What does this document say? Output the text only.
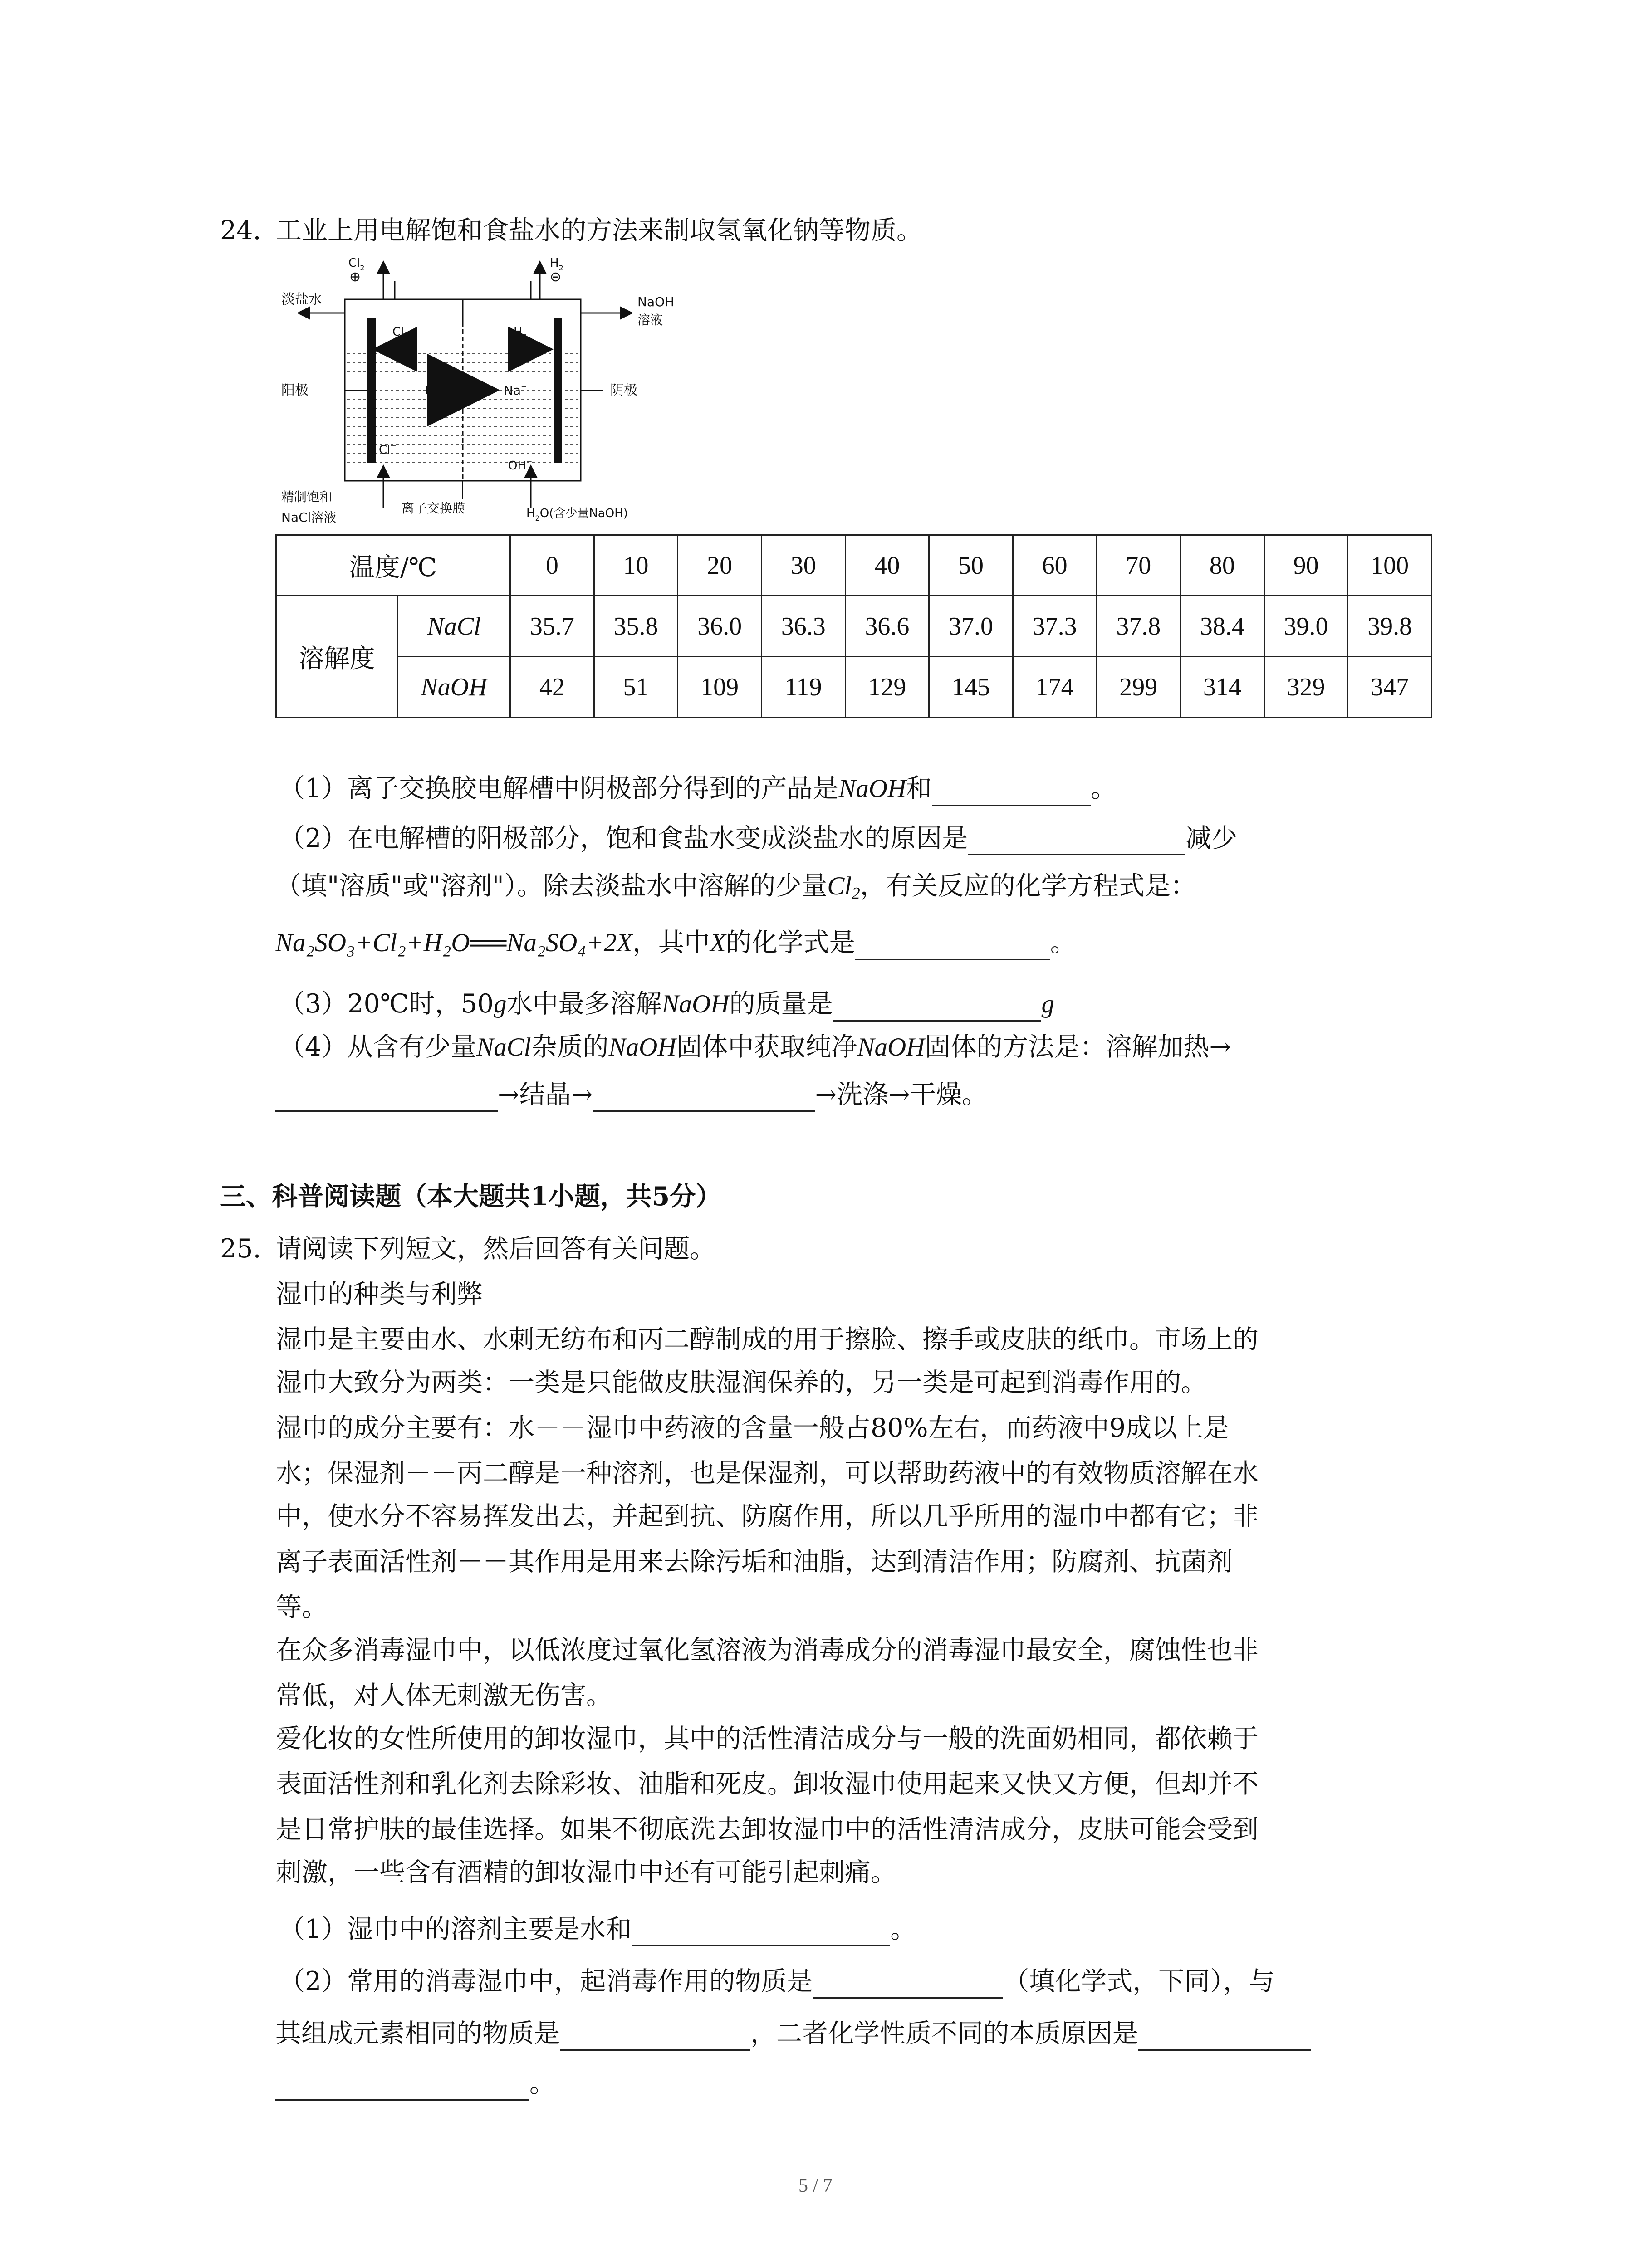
24. 工业上用电解饱和食盐水的方法来制取氢氧化钠等物质。
$Cl_2$
⊕
$H_2$
⊖
淡盐水	NaOH
溶液
阳极	阴极
$Cl_2$	$H_2$
Na+
Cl−
OH−
精制饱和
NaCl溶液
离子交换膜	$H_2O$(含少量NaOH)
温度/℃		0	10	20	30	40	50	60	70	80	90	100
溶解度	NaCl	35.7	35.8	36.0	36.3	36.6	37.0	37.3	37.8	38.4	39.0	39.8
	NaOH	42	51	109	119	129	145	174	299	314	329	347
（1）离子交换胶电解槽中阴极部分得到的产品是NaOH和	。
（2）在电解槽的阳极部分，饱和食盐水变成淡盐水的原因是	减少
（填"溶质"或"溶剂"）。除去淡盐水中溶解的少量$Cl_2$，有关反应的化学方程式是：
Na₂SO₃+Cl₂+H₂O══Na₂SO₄+2X，其中X的化学式是	。
（3）20℃时，50g水中最多溶解NaOH的质量是	g
（4）从含有少量NaCl杂质的NaOH固体中获取纯净NaOH固体的方法是：溶解加热→
→结晶→	→洗涤→干燥。
三、科普阅读题（本大题共1小题，共5分）
25. 请阅读下列短文，然后回答有关问题。
湿巾的种类与利弊
湿巾是主要由水、水刺无纺布和丙二醇制成的用于擦脸、擦手或皮肤的纸巾。市场上的
湿巾大致分为两类：一类是只能做皮肤湿润保养的，另一类是可起到消毒作用的。
湿巾的成分主要有：水－－湿巾中药液的含量一般占80%左右，而药液中9成以上是
水；保湿剂－－丙二醇是一种溶剂，也是保湿剂，可以帮助药液中的有效物质溶解在水
中，使水分不容易挥发出去，并起到抗、防腐作用，所以几乎所用的湿巾中都有它；非
离子表面活性剂－－其作用是用来去除污垢和油脂，达到清洁作用；防腐剂、抗菌剂
等。
在众多消毒湿巾中，以低浓度过氧化氢溶液为消毒成分的消毒湿巾最安全，腐蚀性也非
常低，对人体无刺激无伤害。
爱化妆的女性所使用的卸妆湿巾，其中的活性清洁成分与一般的洗面奶相同，都依赖于
表面活性剂和乳化剂去除彩妆、油脂和死皮。卸妆湿巾使用起来又快又方便，但却并不
是日常护肤的最佳选择。如果不彻底洗去卸妆湿巾中的活性清洁成分，皮肤可能会受到
刺激，一些含有酒精的卸妆湿巾中还有可能引起刺痛。
（1）湿巾中的溶剂主要是水和	。
（2）常用的消毒湿巾中，起消毒作用的物质是	（填化学式，下同），与
其组成元素相同的物质是	，二者化学性质不同的本质原因是
。
5 / 7
